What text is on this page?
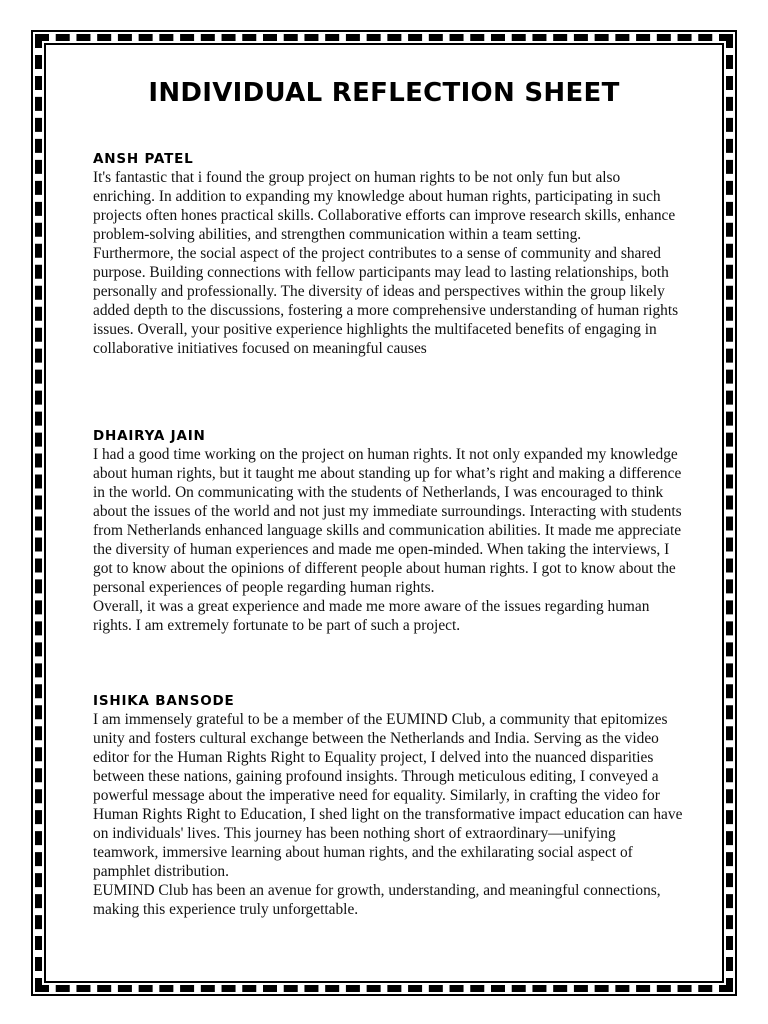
INDIVIDUAL REFLECTION SHEET
ANSH PATEL

It's fantastic that i found the group project on human rights to be not only fun but also enriching. In addition to expanding my knowledge about human rights, participating in such projects often hones practical skills. Collaborative efforts can improve research skills, enhance problem-solving abilities, and strengthen communication within a team setting.

Furthermore, the social aspect of the project contributes to a sense of community and shared purpose. Building connections with fellow participants may lead to lasting relationships, both personally and professionally. The diversity of ideas and perspectives within the group likely added depth to the discussions, fostering a more comprehensive understanding of human rights issues. Overall, your positive experience highlights the multifaceted benefits of engaging in collaborative initiatives focused on meaningful causes

DHAIRYA JAIN

I had a good time working on the project on human rights. It not only expanded my knowledge about human rights, but it taught me about standing up for what’s right and making a difference in the world. On communicating with the students of Netherlands, I was encouraged to think about the issues of the world and not just my immediate surroundings. Interacting with students from Netherlands enhanced language skills and communication abilities. It made me appreciate the diversity of human experiences and made me open-minded. When taking the interviews, I got to know about the opinions of different people about human rights. I got to know about the personal experiences of people regarding human rights.

Overall, it was a great experience and made me more aware of the issues regarding human rights. I am extremely fortunate to be part of such a project.

ISHIKA BANSODE

I am immensely grateful to be a member of the EUMIND Club, a community that epitomizes unity and fosters cultural exchange between the Netherlands and India. Serving as the video editor for the Human Rights Right to Equality project, I delved into the nuanced disparities between these nations, gaining profound insights. Through meticulous editing, I conveyed a powerful message about the imperative need for equality. Similarly, in crafting the video for Human Rights Right to Education, I shed light on the transformative impact education can have on individuals' lives. This journey has been nothing short of extraordinary—unifying teamwork, immersive learning about human rights, and the exhilarating social aspect of pamphlet distribution.

EUMIND Club has been an avenue for growth, understanding, and meaningful connections, making this experience truly unforgettable.
